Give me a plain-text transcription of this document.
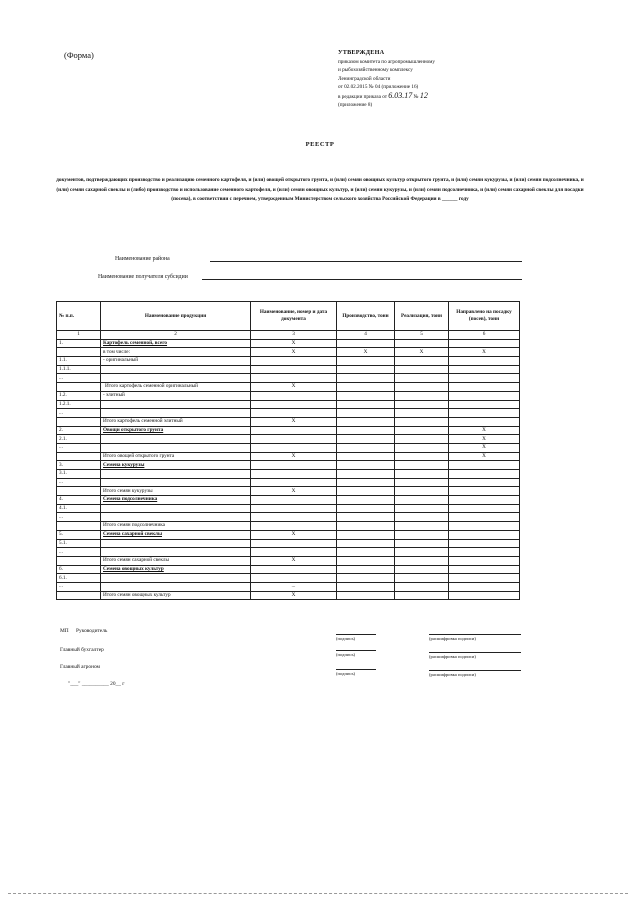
(Форма)	УТВЕРЖДЕНА
приказом комитета по агропромышленному
и рыбохозяйственному комплексу
Ленинградской области
от 02.02.2015 № 04 (приложение 16)
в редакции приказа от 6.03.17 № 12
(приложение 8)
РЕЕСТР
документов, подтверждающих производство и реализацию семенного картофеля, и (или) овощей открытого грунта, и (или) семян овощных культур открытого грунта, и (или) семян кукурузы, и (или) семян подсолнечника, и (или) семян сахарной свеклы и (либо) производство и использование семенного картофеля, и (или) семян овощных культур, и (или) семян кукурузы, и (или) семян подсолнечника, и (или) семян сахарной свеклы для посадки (посева), в соответствии с перечнем, утвержденным Министерством сельского хозяйства Российской Федерации в ______ году
Наименование района
Наименование получателя субсидии
№ п.п.	Наименование продукции	Наименование, номер и дата документа	Производство, тонн	Реализация, тонн	Направлено на посадку (посев), тонн
1	2	3	4	5	6
1.	Картофель семенной, всего	Х			
	в том числе:	Х	Х	Х	Х
1.1.	- оригинальный				
1.1.1.					
...					
	Итого картофель семенной оригинальный	Х			
1.2.	- элитный				
1.2.1.					
...					
	Итого картофель семенной элитный	Х			
2.	Овощи открытого грунта				Х
2.1.					Х
...					Х
	Итого овощей открытого грунта	Х			Х
3.	Семена кукурузы				
3.1.					
...					
	Итого семян кукурузы	Х			
4.	Семена подсолнечника				
4.1.					
...					
	Итого семян подсолнечника				
5.	Семена сахарной свеклы	Х			
5.1.					
...					
	Итого семян сахарной свеклы	Х			
6.	Семена овощных культур				
6.1.					
...		...			
	Итого семян овощных культур	Х			
МП Руководитель
Главный бухгалтер
Главный агроном
"___" __________ 20__ г
(подпись)	(расшифровка подписи)
(подпись)	(расшифровка подписи)
(подпись)	(расшифровка подписи)
